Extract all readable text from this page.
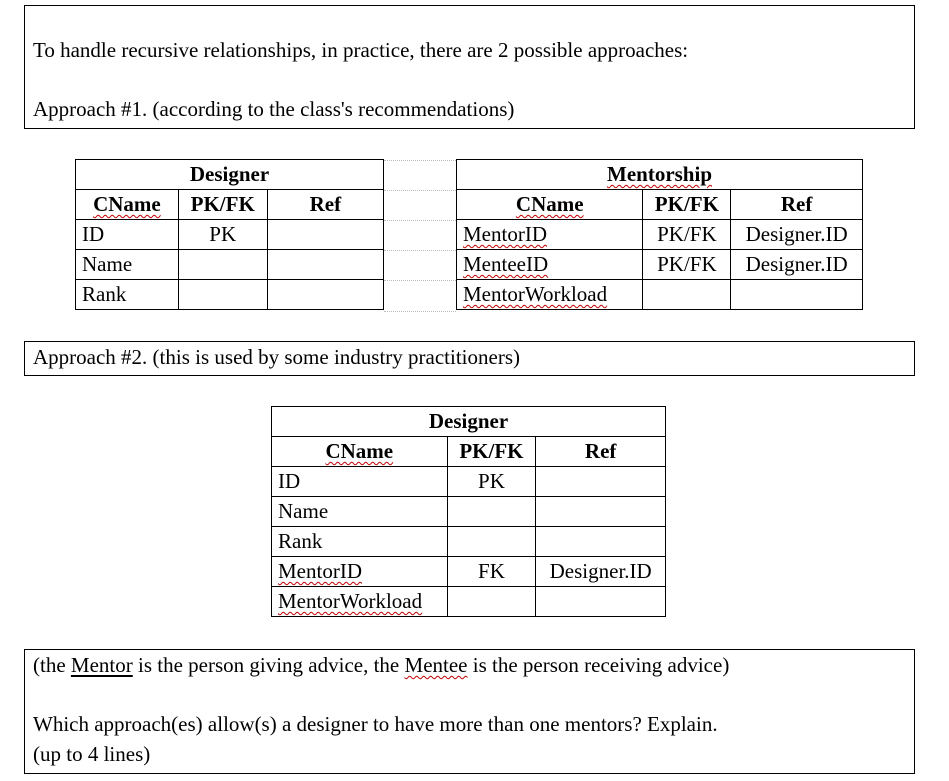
To handle recursive relationships, in practice, there are 2 possible approaches:
Approach #1. (according to the class's recommendations)
Designer		
CName	PK/FK	Ref
ID	PK	
Name		
Rank		
Mentorship		
CName	PK/FK	Ref
MentorID	PK/FK	Designer.ID
MenteeID	PK/FK	Designer.ID
MentorWorkload		
Approach #2. (this is used by some industry practitioners)
Designer		
CName	PK/FK	Ref
ID	PK	
Name		
Rank		
MentorID	FK	Designer.ID
MentorWorkload		
(the Mentor is the person giving advice, the Mentee is the person receiving advice)
Which approach(es) allow(s) a designer to have more than one mentors? Explain.
(up to 4 lines)
